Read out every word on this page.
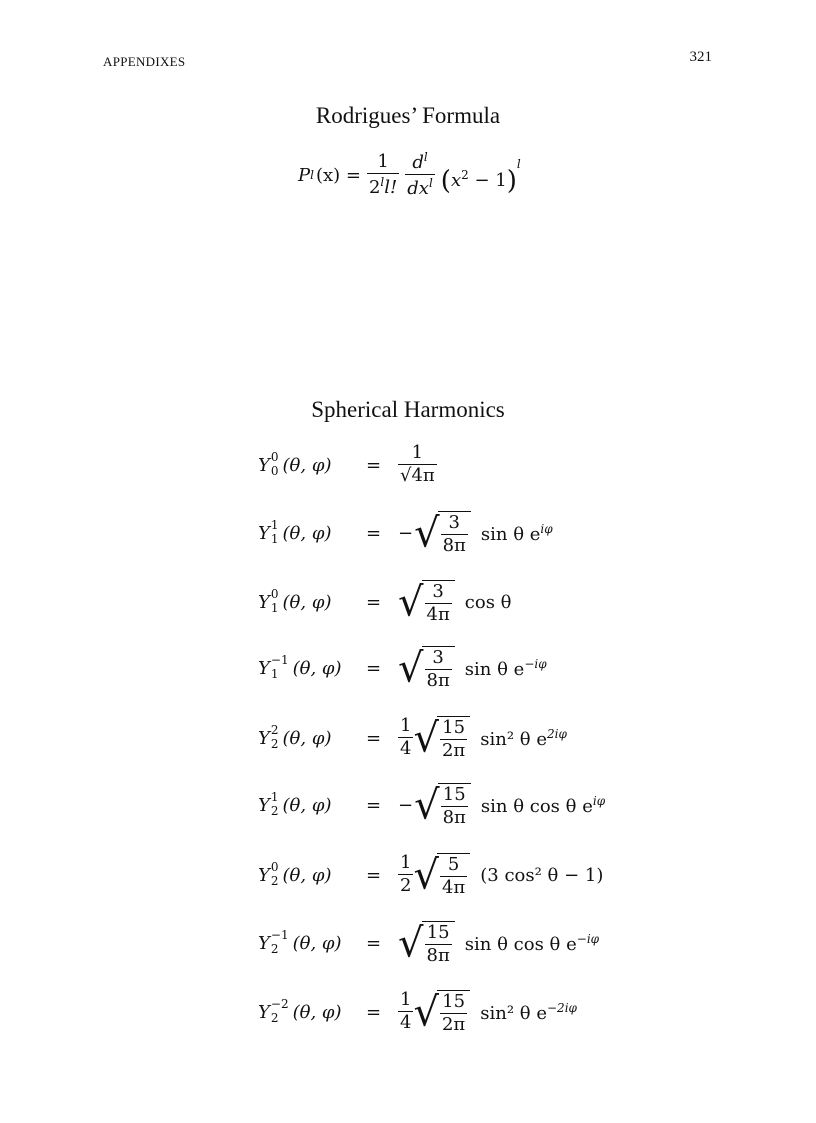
APPENDIXES	321
Rodrigues’ Formula
P l $(x) = \frac{1}{2^ll!} \frac{d^l}{dx^l} (x^2 - 1)^l$
Spherical Harmonics
Y 0
0 (θ, $\varphi) = \frac{1}{√4\pi}$
Y 1
1 (θ, φ) = − √ $\frac{3}{8\pi}$ sin θ $e^{i\varphi}$
Y 0
1 (θ, φ) = √ $\frac{3}{4\pi}$ cos θ
Y −1
1 (θ, φ) = √ $\frac{3}{8\pi}$ sin θ $e^{-i\varphi}$
Y 2
2 (θ, $\varphi) = \frac{1}{4}$ √ $\frac{15}{2\pi} \sin^2$ θ $e^{2i\varphi}$
Y 1
2 (θ, φ) = − √ $\frac{15}{8\pi}$ sin θ cos θ $e^{i\varphi}$
Y 0
2 (θ, $\varphi) = \frac{1}{2}$ √ $\frac{5}{4\pi} (3$ cos² θ − 1)
Y −1
2 (θ, φ) = √ $\frac{15}{8\pi}$ sin θ cos θ $e^{-i\varphi}$
Y −2
2 (θ, $\varphi) = \frac{1}{4}$ √ $\frac{15}{2\pi} \sin^2$ θ $e^{-2i\varphi}$
